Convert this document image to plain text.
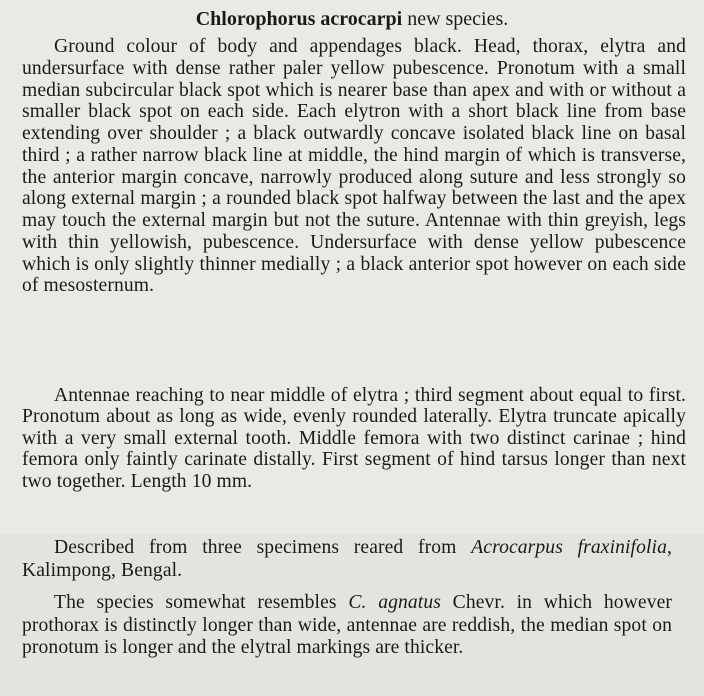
Chlorophorus acrocarpi new species.
Ground colour of body and appendages black. Head, thorax, elytra and undersurface with dense rather paler yellow pubescence. Pronotum with a small median subcircular black spot which is nearer base than apex and with or without a smaller black spot on each side. Each elytron with a short black line from base extending over shoulder ; a black outwardly concave isolated black line on basal third ; a rather narrow black line at middle, the hind margin of which is transverse, the anterior margin concave, narrowly produced along suture and less strongly so along external margin ; a rounded black spot halfway between the last and the apex may touch the external margin but not the suture. Antennae with thin greyish, legs with thin yellowish, pubescence. Undersurface with dense yellow pubescence which is only slightly thinner medially ; a black anterior spot however on each side of mesosternum.
Antennae reaching to near middle of elytra ; third segment about equal to first. Pronotum about as long as wide, evenly rounded laterally. Elytra truncate apically with a very small external tooth. Middle femora with two distinct carinae ; hind femora only faintly carinate distally. First segment of hind tarsus longer than next two together. Length 10 mm.
Described from three specimens reared from Acrocarpus fraxinifolia, Kalimpong, Bengal.
The species somewhat resembles C. agnatus Chevr. in which however prothorax is distinctly longer than wide, antennae are reddish, the median spot on pronotum is longer and the elytral markings are thicker.
